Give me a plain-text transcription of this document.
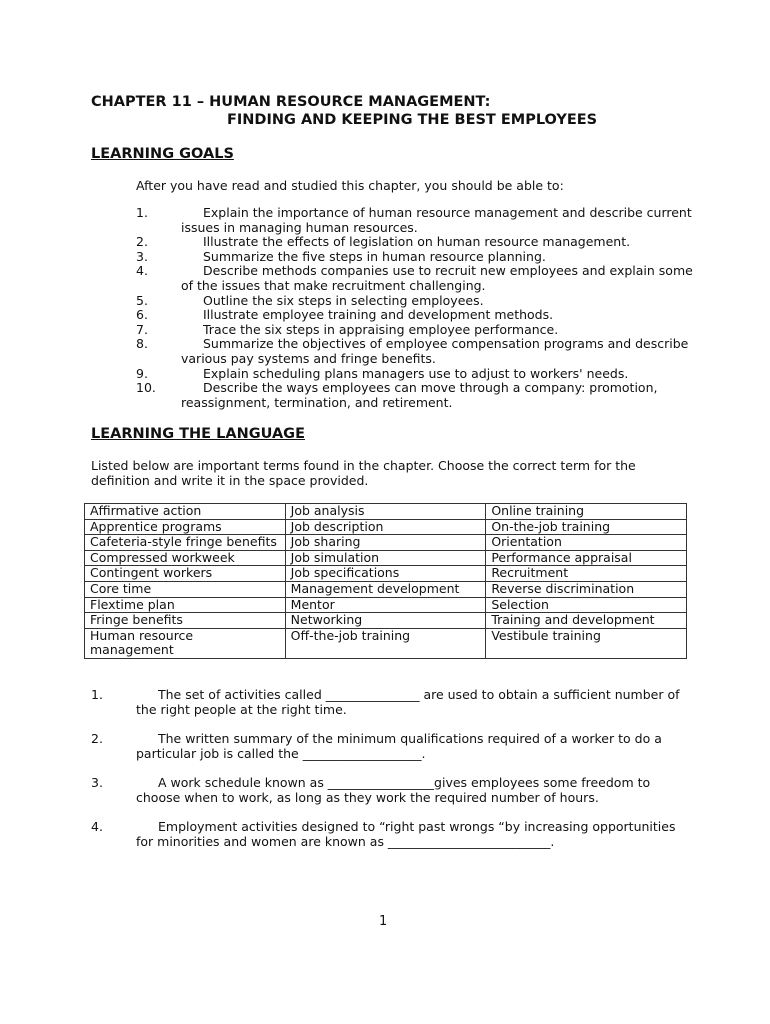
CHAPTER 11 – HUMAN RESOURCE MANAGEMENT:
FINDING AND KEEPING THE BEST EMPLOYEES
LEARNING GOALS
After you have read and studied this chapter, you should be able to:
1.	Explain the importance of human resource management and describe current issues in managing human resources.
2.	Illustrate the effects of legislation on human resource management.
3.	Summarize the five steps in human resource planning.
4.	Describe methods companies use to recruit new employees and explain some of the issues that make recruitment challenging.
5.	Outline the six steps in selecting employees.
6.	Illustrate employee training and development methods.
7.	Trace the six steps in appraising employee performance.
8.	Summarize the objectives of employee compensation programs and describe various pay systems and fringe benefits.
9.	Explain scheduling plans managers use to adjust to workers' needs.
10.	Describe the ways employees can move through a company: promotion, reassignment, termination, and retirement.
LEARNING THE LANGUAGE
Listed below are important terms found in the chapter. Choose the correct term for the definition and write it in the space provided.
Affirmative action	Job analysis	Online training
Apprentice programs	Job description	On-the-job training
Cafeteria-style fringe benefits	Job sharing	Orientation
Compressed workweek	Job simulation	Performance appraisal
Contingent workers	Job specifications	Recruitment
Core time	Management development	Reverse discrimination
Flextime plan	Mentor	Selection
Fringe benefits	Networking	Training and development
Human resource management	Off-the-job training	Vestibule training
1.	The set of activities called _______________ are used to obtain a sufficient number of the right people at the right time.
2.	The written summary of the minimum qualifications required of a worker to do a particular job is called the ___________________.
3.	A work schedule known as _________________gives employees some freedom to choose when to work, as long as they work the required number of hours.
4.	Employment activities designed to “right past wrongs “by increasing opportunities for minorities and women are known as __________________________.
1
